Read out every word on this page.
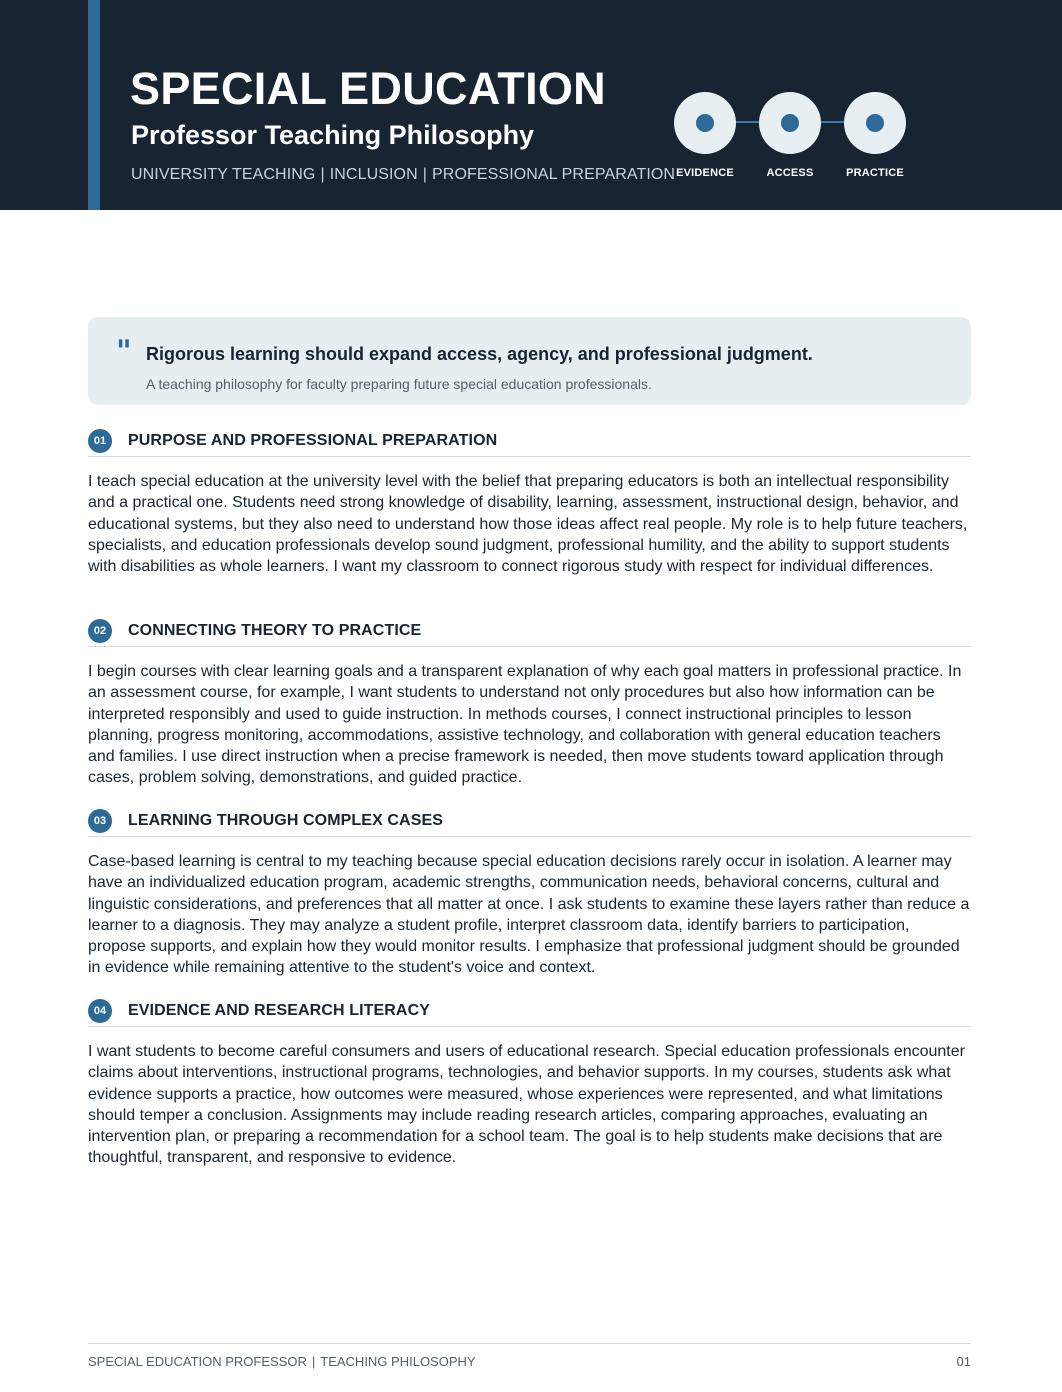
SPECIAL EDUCATION
Professor Teaching Philosophy
UNIVERSITY TEACHING | INCLUSION | PROFESSIONAL PREPARATION EVIDENCE	ACCESS	PRACTICE
" Rigorous learning should expand access, agency, and professional judgment.
A teaching philosophy for faculty preparing future special education professionals.
01	PURPOSE AND PROFESSIONAL PREPARATION

I teach special education at the university level with the belief that preparing educators is both an intellectual responsibility and a practical one. Students need strong knowledge of disability, learning, assessment, instructional design, behavior, and educational systems, but they also need to understand how those ideas affect real people. My role is to help future teachers, specialists, and education professionals develop sound judgment, professional humility, and the ability to support students with disabilities as whole learners. I want my classroom to connect rigorous study with respect for individual differences.

02	CONNECTING THEORY TO PRACTICE

I begin courses with clear learning goals and a transparent explanation of why each goal matters in professional practice. In an assessment course, for example, I want students to understand not only procedures but also how information can be interpreted responsibly and used to guide instruction. In methods courses, I connect instructional principles to lesson planning, progress monitoring, accommodations, assistive technology, and collaboration with general education teachers and families. I use direct instruction when a precise framework is needed, then move students toward application through cases, problem solving, demonstrations, and guided practice.

03	LEARNING THROUGH COMPLEX CASES

Case-based learning is central to my teaching because special education decisions rarely occur in isolation. A learner may have an individualized education program, academic strengths, communication needs, behavioral concerns, cultural and linguistic considerations, and preferences that all matter at once. I ask students to examine these layers rather than reduce a learner to a diagnosis. They may analyze a student profile, interpret classroom data, identify barriers to participation, propose supports, and explain how they would monitor results. I emphasize that professional judgment should be grounded in evidence while remaining attentive to the student's voice and context.

04	EVIDENCE AND RESEARCH LITERACY

I want students to become careful consumers and users of educational research. Special education professionals encounter claims about interventions, instructional programs, technologies, and behavior supports. In my courses, students ask what evidence supports a practice, how outcomes were measured, whose experiences were represented, and what limitations should temper a conclusion. Assignments may include reading research articles, comparing approaches, evaluating an intervention plan, or preparing a recommendation for a school team. The goal is to help students make decisions that are thoughtful, transparent, and responsive to evidence.

SPECIAL EDUCATION PROFESSOR | TEACHING PHILOSOPHY	01
